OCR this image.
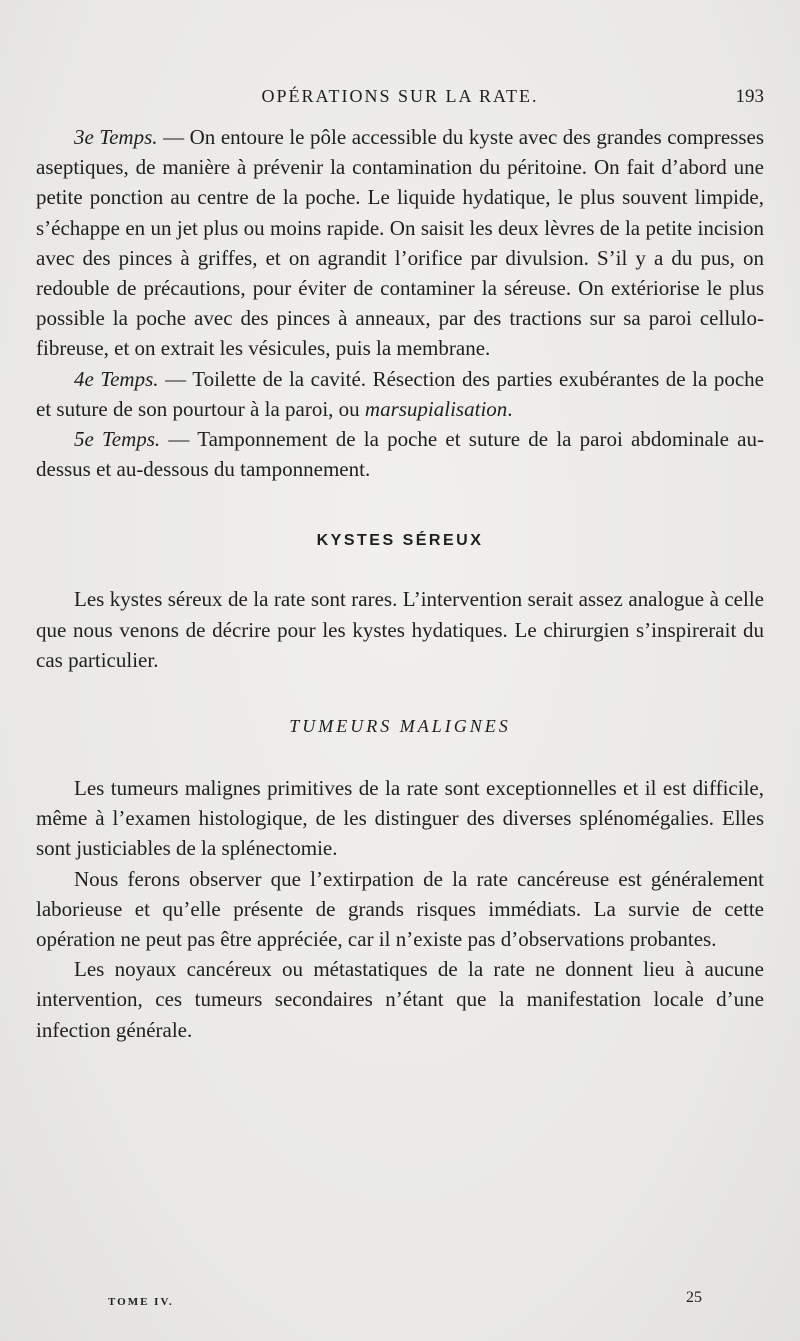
OPÉRATIONS SUR LA RATE.	193

3e Temps. — On entoure le pôle accessible du kyste avec des grandes compresses aseptiques, de manière à prévenir la contamination du péritoine. On fait d’abord une petite ponction au centre de la poche. Le liquide hydatique, le plus souvent limpide, s’échappe en un jet plus ou moins rapide. On saisit les deux lèvres de la petite incision avec des pinces à griffes, et on agrandit l’orifice par divulsion. S’il y a du pus, on redouble de précautions, pour éviter de contaminer la séreuse. On extériorise le plus possible la poche avec des pinces à anneaux, par des tractions sur sa paroi cellulo-fibreuse, et on extrait les vésicules, puis la membrane.

4e Temps. — Toilette de la cavité. Résection des parties exubérantes de la poche et suture de son pourtour à la paroi, ou marsupialisation.

5e Temps. — Tamponnement de la poche et suture de la paroi abdominale au-dessus et au-dessous du tamponnement.

KYSTES SÉREUX

Les kystes séreux de la rate sont rares. L’intervention serait assez analogue à celle que nous venons de décrire pour les kystes hydatiques. Le chirurgien s’inspirerait du cas particulier.

TUMEURS MALIGNES

Les tumeurs malignes primitives de la rate sont exceptionnelles et il est difficile, même à l’examen histologique, de les distinguer des diverses splénomégalies. Elles sont justiciables de la splénectomie.

Nous ferons observer que l’extirpation de la rate cancéreuse est généralement laborieuse et qu’elle présente de grands risques immédiats. La survie de cette opération ne peut pas être appréciée, car il n’existe pas d’observations probantes.

Les noyaux cancéreux ou métastatiques de la rate ne donnent lieu à aucune intervention, ces tumeurs secondaires n’étant que la manifestation locale d’une infection générale.

TOME IV.	25
